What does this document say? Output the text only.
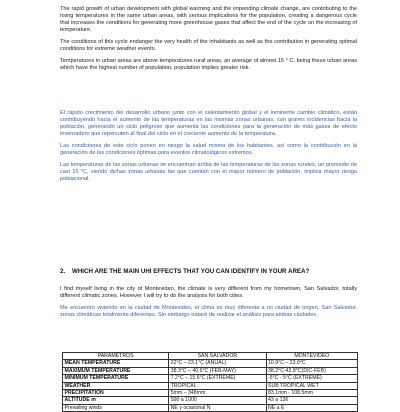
The rapid growth of urban development with global warming and the impending climate change, are contributing to the rising temperatures in the same urban areas, with serious implications for the population, creating a dangerous cycle that increases the conditions for generating more greenhouse gases that affect the end of the cycle on the increasing of temperature.

The conditions of this cycle endanger the very health of the inhabitants as well as the contribution in generating optimal conditions for extreme weather events.

Temperatures in urban areas are above temperatures rural areas, an average of almost 15 ° C, being these urban areas which have the highest number of population, population implies greater risk.

El rápido crecimiento del desarrollo urbano junto con el calentamiento global y el inminente cambio climático, están contribuyendo hacia el aumento de las temperaturas en las mismas zonas urbanas, con graves incidencias hacia la población, generando un ciclo peligroso que aumenta las condiciones para la generación de más gases de efecto invernadero que repercuten al final del ciclo en el creciente aumento de la temperatura.

Las condiciones de este ciclo ponen en riesgo la salud misma de los habitantes, así como la contribución en la generación de las condiciones óptimas para eventos climatológicos extremos.

Las temperaturas de las zonas urbanas se encuentran arriba de las temperaturas de las zonas rurales, un promedio de casi 15 °C, siendo dichas zonas urbanas las que cuentan con el mayor número de población, implica mayor riesgo poblacional.

2. WHICH ARE THE MAIN UHI EFFECTS THAT YOU CAN IDENTIFY IN YOUR AREA?

I find myself living in the city of Montevideo, the climate is very different from my hometown, San Salvador, totally different climatic zones. However I will try to do the analysis for both cities.

Me encuentro viviendo en la ciudad de Montevideo, el clima es muy diferente a mi ciudad de origen, San Salvador, zonas climáticas totalmente diferentes. Sin embargo trataré de realizar el análisis para ambas ciudades.

PARAMETROS	SAN SALVADOR	MONTEVIDEO
MEAN TEMPERATURE	22°C – 23.1°C (ANUAL)	10.9°C – 23.0°C
MAXIMUM TEMPERATURE	38.3°C – 40.6°C (FEB-MAY)	38.2°C-42.8°C(DIC-FEB)
MINIMUM TEMPERATURE	7.2°C – 15.6°C (EXTREME)	-5°C - 5°C (EXTREME)
WEATHER	TROPICAL	SUB TROPICAL WET
PRECIPITATION	5mm – 348mm	83.1mm - 108.5mm
ALTITUDE m	590 a 1000	43 a 136
Prevailing winds	NE y ocasional N	NE a E
